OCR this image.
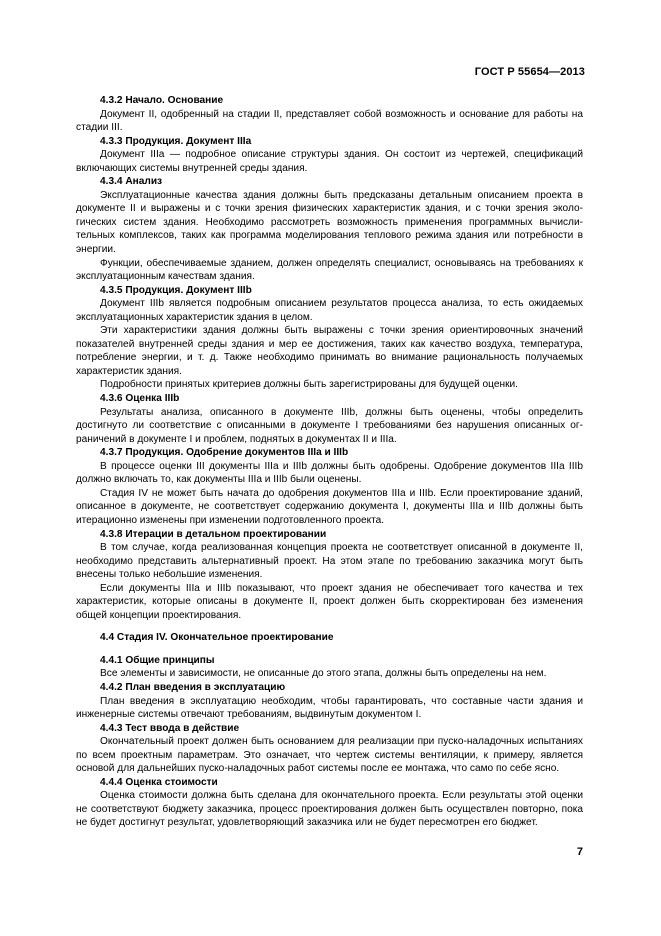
ГОСТ Р 55654—2013
4.3.2 Начало. Основание
Документ II, одобренный на стадии II, представляет собой возможность и основание для работы на стадии III.
4.3.3 Продукция. Документ IIIa
Документ IIIa — подробное описание структуры здания. Он состоит из чертежей, спецификаций включающих системы внутренней среды здания.
4.3.4 Анализ
Эксплуатационные качества здания должны быть предсказаны детальным описанием проекта в документе II и выражены и с точки зрения физических характеристик здания, и с точки зрения экологических систем здания. Необходимо рассмотреть возможность применения программных вычислительных комплексов, таких как программа моделирования теплового режима здания или потребности в энергии.
Функции, обеспечиваемые зданием, должен определять специалист, основываясь на требованиях к эксплуатационным качествам здания.
4.3.5 Продукция. Документ IIIb
Документ IIIb является подробным описанием результатов процесса анализа, то есть ожидаемых эксплуатационных характеристик здания в целом.
Эти характеристики здания должны быть выражены с точки зрения ориентировочных значений показателей внутренней среды здания и мер ее достижения, таких как качество воздуха, температура, потребление энергии, и т. д. Также необходимо принимать во внимание рациональность получаемых характеристик здания.
Подробности принятых критериев должны быть зарегистрированы для будущей оценки.
4.3.6 Оценка IIIb
Результаты анализа, описанного в документе IIIb, должны быть оценены, чтобы определить достигнуто ли соответствие с описанными в документе I требованиями без нарушения описанных ограничений в документе I и проблем, поднятых в документах II и IIIa.
4.3.7 Продукция. Одобрение документов IIIa и IIIb
В процессе оценки III документы IIIa и IIIb должны быть одобрены. Одобрение документов IIIa IIIb должно включать то, как документы IIIa и IIIb были оценены.
Стадия IV не может быть начата до одобрения документов IIIa и IIIb. Если проектирование зданий, описанное в документе, не соответствует содержанию документа I, документы IIIa и IIIb должны быть итерационно изменены при изменении подготовленного проекта.
4.3.8 Итерации в детальном проектировании
В том случае, когда реализованная концепция проекта не соответствует описанной в документе II, необходимо представить альтернативный проект. На этом этапе по требованию заказчика могут быть внесены только небольшие изменения.
Если документы IIIa и IIIb показывают, что проект здания не обеспечивает того качества и тех характеристик, которые описаны в документе II, проект должен быть скорректирован без изменения общей концепции проектирования.
4.4 Стадия IV. Окончательное проектирование
4.4.1 Общие принципы
Все элементы и зависимости, не описанные до этого этапа, должны быть определены на нем.
4.4.2 План введения в эксплуатацию
План введения в эксплуатацию необходим, чтобы гарантировать, что составные части здания и инженерные системы отвечают требованиям, выдвинутым документом I.
4.4.3 Тест ввода в действие
Окончательный проект должен быть основанием для реализации при пуско-наладочных испытаниях по всем проектным параметрам. Это означает, что чертеж системы вентиляции, к примеру, является основой для дальнейших пуско-наладочных работ системы после ее монтажа, что само по себе ясно.
4.4.4 Оценка стоимости
Оценка стоимости должна быть сделана для окончательного проекта. Если результаты этой оценки не соответствуют бюджету заказчика, процесс проектирования должен быть осуществлен повторно, пока не будет достигнут результат, удовлетворяющий заказчика или не будет пересмотрен его бюджет.
7
